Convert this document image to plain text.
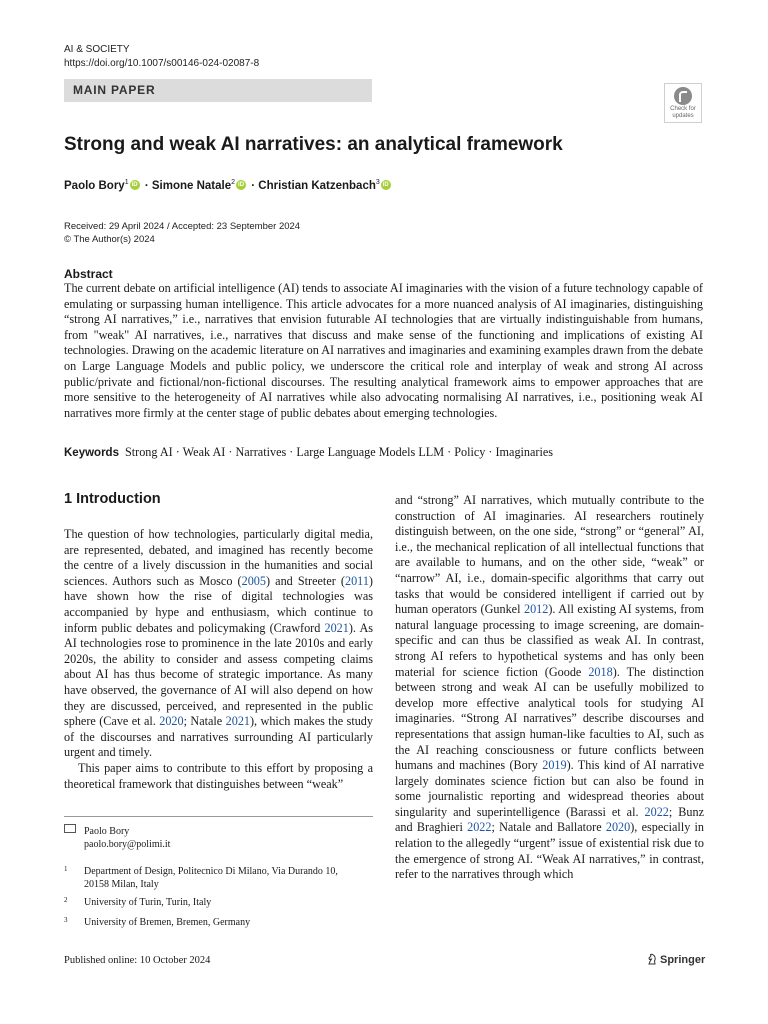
AI & SOCIETY
https://doi.org/10.1007/s00146-024-02087-8
MAIN PAPER
Check for
updates
Strong and weak AI narratives: an analytical framework
Paolo Bory$^1$ iD · Simone Natale$^2$ iD · Christian Katzenbach$^3$ iD
Received: 29 April 2024 / Accepted: 23 September 2024
© The Author(s) 2024
Abstract
The current debate on artificial intelligence (AI) tends to associate AI imaginaries with the vision of a future technology capable of emulating or surpassing human intelligence. This article advocates for a more nuanced analysis of AI imaginaries, distinguishing “strong AI narratives,” i.e., narratives that envision futurable AI technologies that are virtually indistinguishable from humans, from "weak" AI narratives, i.e., narratives that discuss and make sense of the functioning and implications of existing AI technologies. Drawing on the academic literature on AI narratives and imaginaries and examining examples drawn from the debate on Large Language Models and public policy, we underscore the critical role and interplay of weak and strong AI across public/private and fictional/non-fictional discourses. The resulting analytical framework aims to empower approaches that are more sensitive to the heterogeneity of AI narratives while also advocating normalising AI narratives, i.e., positioning weak AI narratives more firmly at the center stage of public debates about emerging technologies.
Keywords Strong AI · Weak AI · Narratives · Large Language Models LLM · Policy · Imaginaries
1 Introduction

The question of how technologies, particularly digital media, are represented, debated, and imagined has recently become the centre of a lively discussion in the humanities and social sciences. Authors such as Mosco (2005) and Streeter (2011) have shown how the rise of digital technologies was accompanied by hype and enthusiasm, which continue to inform public debates and policymaking (Crawford 2021). As AI technologies rose to prominence in the late 2010s and early 2020s, the ability to consider and assess competing claims about AI has thus become of strategic importance. As many have observed, the governance of AI will also depend on how they are discussed, perceived, and represented in the public sphere (Cave et al. 2020; Natale 2021), which makes the study of the discourses and narratives surrounding AI particularly urgent and timely.

This paper aims to contribute to this effort by proposing a theoretical framework that distinguishes between “weak”

and “strong” AI narratives, which mutually contribute to the construction of AI imaginaries. AI researchers routinely distinguish between, on the one side, “strong” or “general” AI, i.e., the mechanical replication of all intellectual functions that are available to humans, and on the other side, “weak” or “narrow” AI, i.e., domain-specific algorithms that carry out tasks that would be considered intelligent if carried out by human operators (Gunkel 2012). All existing AI systems, from natural language processing to image screening, are domain-specific and can thus be classified as weak AI. In contrast, strong AI refers to hypothetical systems and has only been material for science fiction (Goode 2018). The distinction between strong and weak AI can be usefully mobilized to develop more effective analytical tools for studying AI imaginaries. “Strong AI narratives” describe discourses and representations that assign human-like faculties to AI, such as the AI reaching consciousness or future conflicts between humans and machines (Bory 2019). This kind of AI narrative largely dominates science fiction but can also be found in some journalistic reporting and widespread theories about singularity and superintelligence (Barassi et al. 2022; Bunz and Braghieri 2022; Natale and Ballatore 2020), especially in relation to the allegedly “urgent” issue of existential risk due to the emergence of strong AI. “Weak AI narratives,” in contrast, refer to the narratives through which

Paolo Bory
paolo.bory@polimi.it
1	Department of Design, Politecnico Di Milano, Via Durando 10, 20158 Milan, Italy
2	University of Turin, Turin, Italy
3	University of Bremen, Bremen, Germany
Published online: 10 October 2024	Springer
